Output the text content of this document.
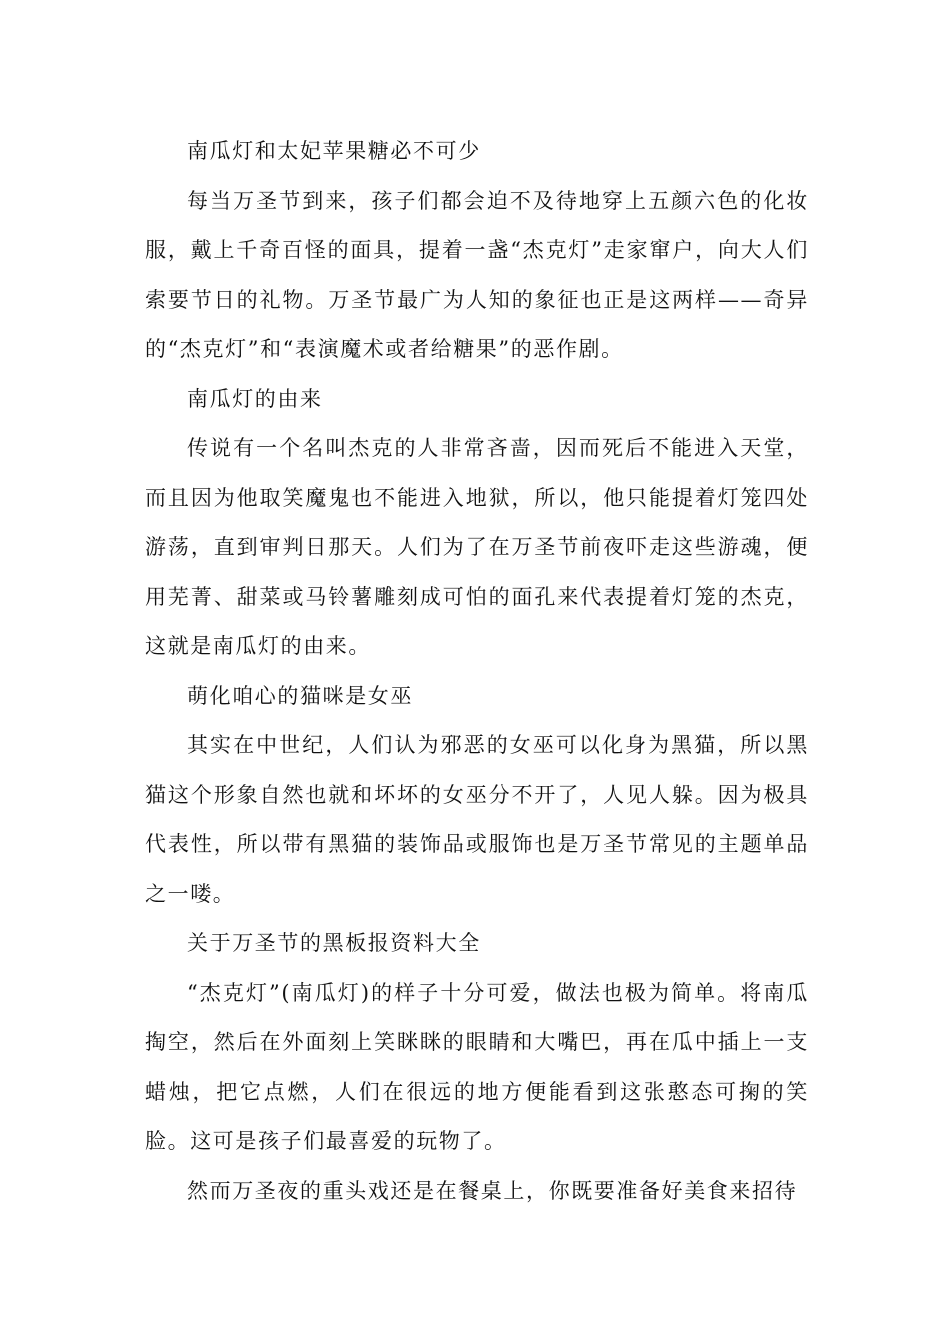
南瓜灯和太妃苹果糖必不可少

每当万圣节到来，孩子们都会迫不及待地穿上五颜六色的化妆服，戴上千奇百怪的面具，提着一盏“杰克灯”走家窜户，向大人们索要节日的礼物。万圣节最广为人知的象征也正是这两样——奇异的“杰克灯”和“表演魔术或者给糖果”的恶作剧。

南瓜灯的由来

传说有一个名叫杰克的人非常吝啬，因而死后不能进入天堂，而且因为他取笑魔鬼也不能进入地狱，所以，他只能提着灯笼四处游荡，直到审判日那天。人们为了在万圣节前夜吓走这些游魂，便用芜菁、甜菜或马铃薯雕刻成可怕的面孔来代表提着灯笼的杰克，这就是南瓜灯的由来。

萌化咱心的猫咪是女巫

其实在中世纪，人们认为邪恶的女巫可以化身为黑猫，所以黑猫这个形象自然也就和坏坏的女巫分不开了，人见人躲。因为极具代表性，所以带有黑猫的装饰品或服饰也是万圣节常见的主题单品之一喽。

关于万圣节的黑板报资料大全

“杰克灯”(南瓜灯)的样子十分可爱，做法也极为简单。将南瓜掏空，然后在外面刻上笑眯眯的眼睛和大嘴巴，再在瓜中插上一支蜡烛，把它点燃，人们在很远的地方便能看到这张憨态可掬的笑脸。这可是孩子们最喜爱的玩物了。

然而万圣夜的重头戏还是在餐桌上，你既要准备好美食来招待
